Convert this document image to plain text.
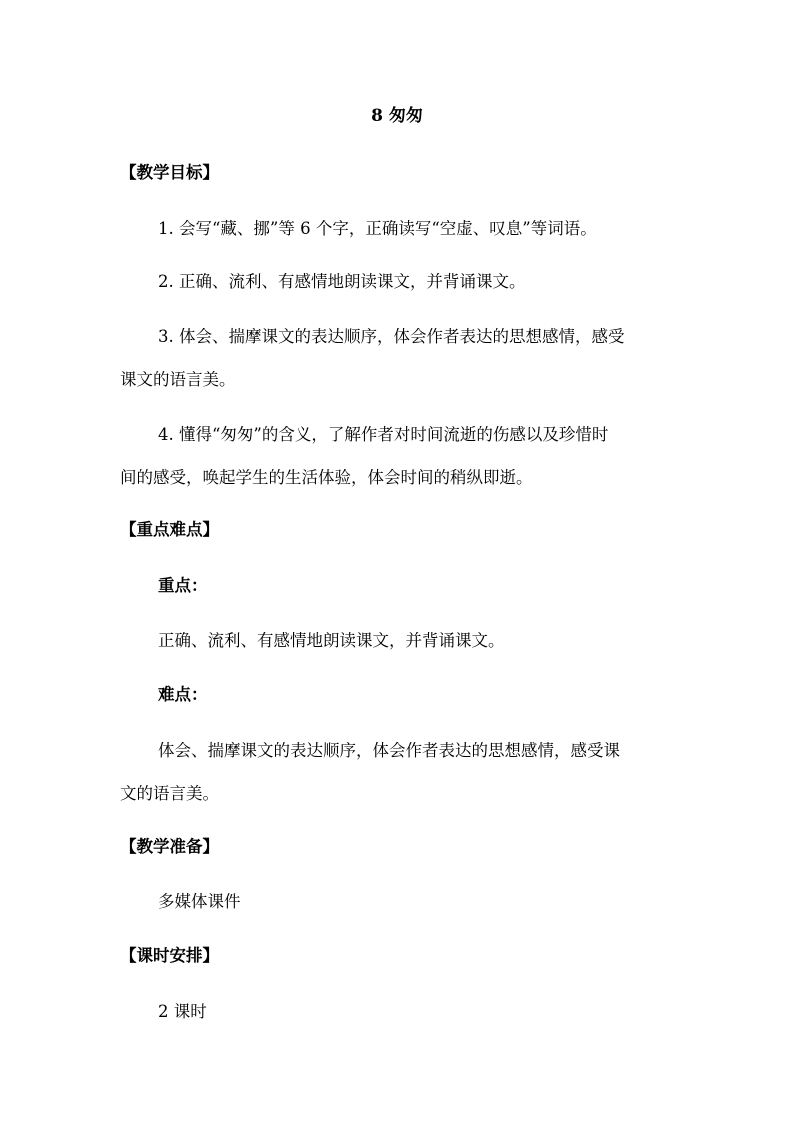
8 匆匆
【教学目标】
1. 会写“藏、挪”等 6 个字，正确读写“空虚、叹息”等词语。
2. 正确、流利、有感情地朗读课文，并背诵课文。
3. 体会、揣摩课文的表达顺序，体会作者表达的思想感情，感受
课文的语言美。
4. 懂得“匆匆”的含义，了解作者对时间流逝的伤感以及珍惜时
间的感受，唤起学生的生活体验，体会时间的稍纵即逝。
【重点难点】
重点：
正确、流利、有感情地朗读课文，并背诵课文。
难点：
体会、揣摩课文的表达顺序，体会作者表达的思想感情，感受课
文的语言美。
【教学准备】
多媒体课件
【课时安排】
2 课时
